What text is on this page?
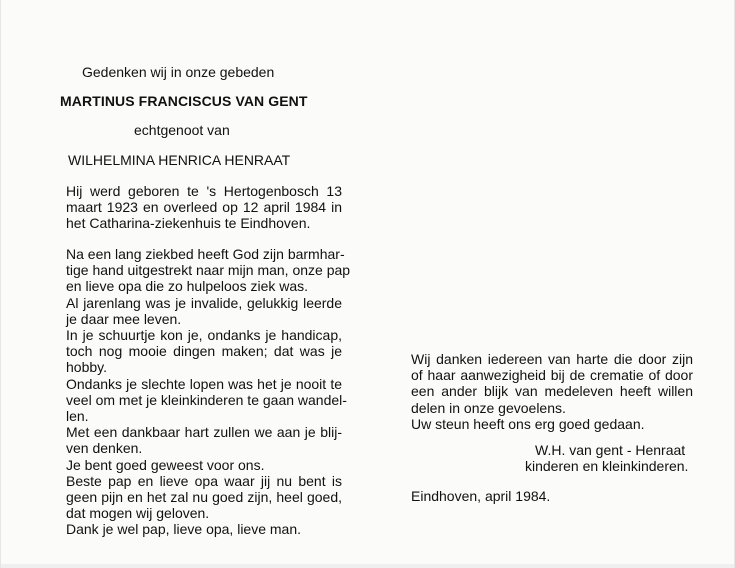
Gedenken wij in onze gebeden
MARTINUS FRANCISCUS VAN GENT
echtgenoot van
WILHELMINA HENRICA HENRAAT
Hij werd geboren te 's Hertogenbosch 13
maart 1923 en overleed op 12 april 1984 in
het Catharina-ziekenhuis te Eindhoven.
Na een lang ziekbed heeft God zijn barmhar-
tige hand uitgestrekt naar mijn man, onze pap
en lieve opa die zo hulpeloos ziek was.
Al jarenlang was je invalide, gelukkig leerde
je daar mee leven.
In je schuurtje kon je, ondanks je handicap,
toch nog mooie dingen maken; dat was je
hobby.
Ondanks je slechte lopen was het je nooit te
veel om met je kleinkinderen te gaan wandel-
len.
Met een dankbaar hart zullen we aan je blij-
ven denken.
Je bent goed geweest voor ons.
Beste pap en lieve opa waar jij nu bent is
geen pijn en het zal nu goed zijn, heel goed,
dat mogen wij geloven.
Dank je wel pap, lieve opa, lieve man.
Wij danken iedereen van harte die door zijn
of haar aanwezigheid bij de crematie of door
een ander blijk van medeleven heeft willen
delen in onze gevoelens.
Uw steun heeft ons erg goed gedaan.
W.H. van gent - Henraat
kinderen en kleinkinderen.
Eindhoven, april 1984.
